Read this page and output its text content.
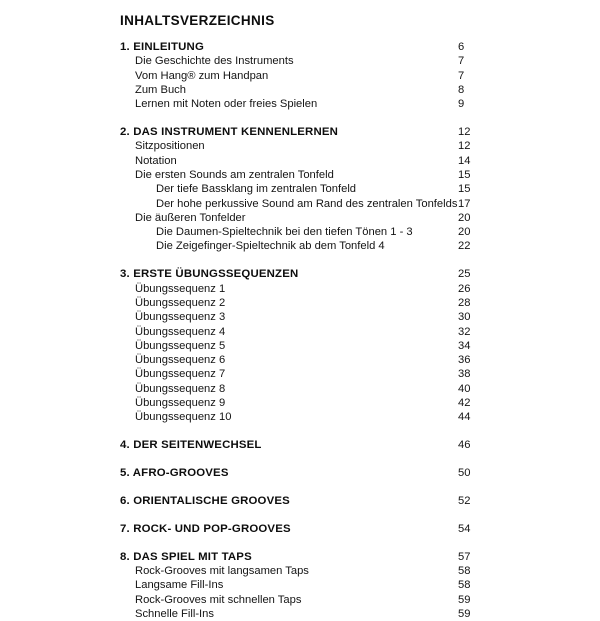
INHALTSVERZEICHNIS
1. EINLEITUNG	6
Die Geschichte des Instruments	7
Vom Hang® zum Handpan	7
Zum Buch	8
Lernen mit Noten oder freies Spielen	9
2. DAS INSTRUMENT KENNENLERNEN	12
Sitzpositionen	12
Notation	14
Die ersten Sounds am zentralen Tonfeld	15
Der tiefe Bassklang im zentralen Tonfeld	15
Der hohe perkussive Sound am Rand des zentralen Tonfelds 17
Die äußeren Tonfelder	20
Die Daumen-Spieltechnik bei den tiefen Tönen 1 - 3	20
Die Zeigefinger-Spieltechnik ab dem Tonfeld 4	22
3. ERSTE ÜBUNGSSEQUENZEN	25
Übungssequenz 1	26
Übungssequenz 2	28
Übungssequenz 3	30
Übungssequenz 4	32
Übungssequenz 5	34
Übungssequenz 6	36
Übungssequenz 7	38
Übungssequenz 8	40
Übungssequenz 9	42
Übungssequenz 10	44
4. DER SEITENWECHSEL	46
5. AFRO-GROOVES	50
6. ORIENTALISCHE GROOVES	52
7. ROCK- UND POP-GROOVES	54
8. DAS SPIEL MIT TAPS	57
Rock-Grooves mit langsamen Taps	58
Langsame Fill-Ins	58
Rock-Grooves mit schnellen Taps	59
Schnelle Fill-Ins	59
